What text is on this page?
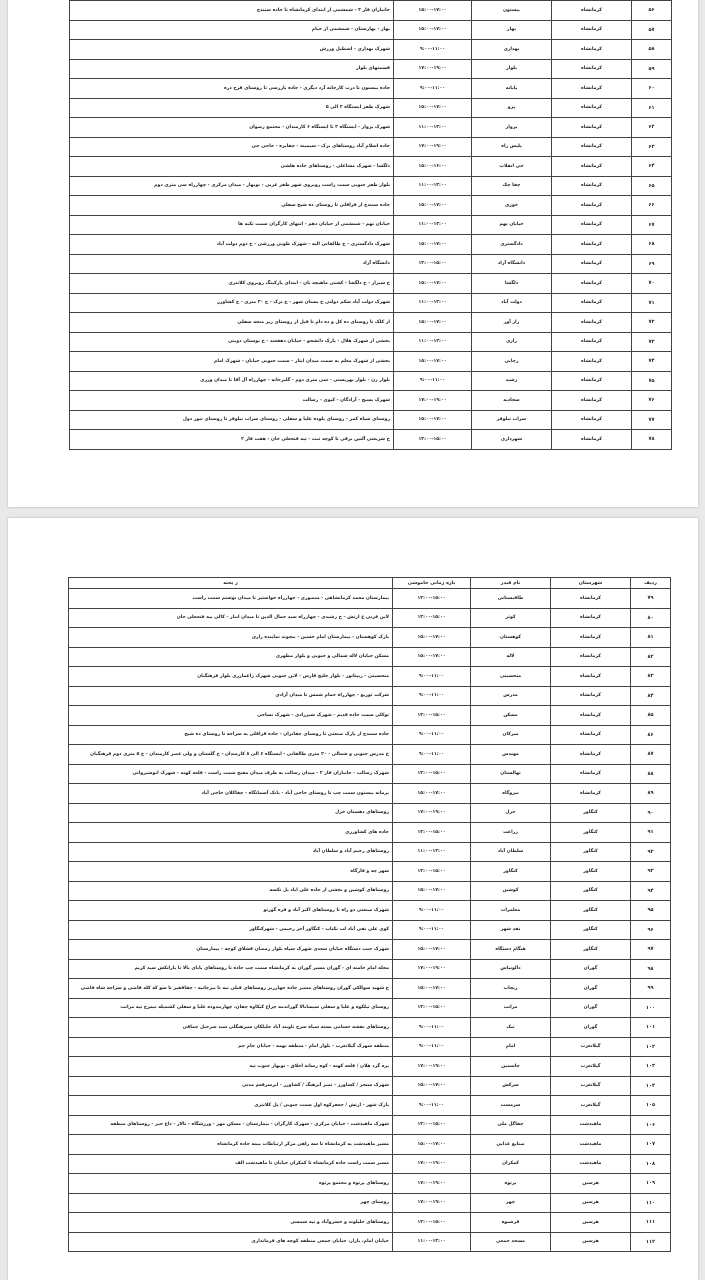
۵۶	کرمانشاه	بیستون	۱۵:۰۰-۱۷:۰۰	جانبازان فاز ۳ - شمشمی از ابتدای کرمانشاه تا جاده سنندج
۵۷	کرمانشاه	بهار	۱۵:۰۰-۱۷:۰۰	بهار - بهارستان - شمشمی از خیام
۵۸	کرمانشاه	بهداری	۹:۰۰-۱۱:۰۰	شهرک بهداری - اسطبل ورزش
۵۹	کرمانشاه	بلوار	۱۷:۰۰-۱۹:۰۰	قسمتهای بلوار
۶۰	کرمانشاه	پایانه	۹:۰۰-۱۱:۰۰	جاده بیستون تا درب کارخانه آرد دیگری - جاده بازرسی تا روستای فرح دره
۶۱	کرمانشاه	پرو	۱۵:۰۰-۱۷:۰۰	شهرک ظفر ایستگاه ۲ الی ۵
۶۲	کرمانشاه	پرواز	۱۱:۰۰-۱۳:۰۰	شهرک پرواز - ایستگاه ۲ تا ایستگاه ۶ کارمندان - مجتمع رضوان
۶۳	کرمانشاه	پلیس راه	۱۷:۰۰-۱۹:۰۰	جاده اسلام آباد روستاهای برک - سیمینه - چقاپره - حاجی جی
۶۴	کرمانشاه	جی انقلاب	۱۵:۰۰-۱۶:۰۰	دلگشا - شهرک مشاعلی - روستاهای جاده هلشی
۶۵	کرمانشاه	چقا چک	۱۱:۰۰-۱۳:۰۰	بلوار ظفر جنوبی سمت راست روبروی شهر ظفر غربی - نوبهار - میدان مرکزی - چهارراه سی متری دوم
۶۶	کرمانشاه	خوزی	۱۵:۰۰-۱۷:۰۰	جاده سنندج از قراقلی تا روستای ده شیخ سفلی
۶۷	کرمانشاه	خیابان نهم	۱۱:۰۰-۱۳:۰۰	خیابان نهم - شمشمی از خیابان دهم - انتهای کارگران سمت تکیه ها
۶۸	کرمانشاه	دادگستری	۱۵:۰۰-۱۷:۰۰	شهرک دادگستری - خ طالقانی الیه - شهرک طوبی ورزشی - خ دوم دولت آباد
۶۹	کرمانشاه	دانشگاه آزاد	۱۳:۰۰-۱۵:۰۰	دانشگاه آزاد
۷۰	کرمانشاه	دلگشا	۱۵:۰۰-۱۷:۰۰	خ شیراز - خ دلگشا - کشتی ماهیچه بان - ابتدای پارکینگ روبروی کلانتری
۷۱	کرمانشاه	دولت آباد	۱۱:۰۰-۱۳:۰۰	شهرک دولت آباد شکم دولتی خ بستان شهر - خ ترک - خ ۳۰ متری - خ کشاورز
۷۲	کرمانشاه	راز آور	۱۵:۰۰-۱۷:۰۰	از کلک تا روستای ده کل و ده دام تا قبل از روستای ریز منجه سفلی
۷۳	کرمانشاه	رازی	۱۱:۰۰-۱۳:۰۰	بخشی از شهرک هلال - پارک دانشجو - خیابان دهقعند - خ بوستان دوبنی
۷۴	کرمانشاه	رجایی	۱۵:۰۰-۱۷:۰۰	بخشی از شهرک معلم به سمت میدان ایثار - سمت جنوبی خیابان - شهرک امام
۷۵	کرمانشاه	رشید	۹:۰۰-۱۱:۰۰	بلوار زن - بلوار بهزیستی - سی متری دوم - گلبرجانه - چهارراه آل آقا تا میدان ورزی
۷۶	کرمانشاه	سجادیه	۱۷:۰۰-۱۹:۰۰	شهرک بسیج - آزادگان - کیوی - رسالت
۷۷	کرمانشاه	سراب نیلوفر	۱۵:۰۰-۱۷:۰۰	روستای سیاه کمر - روستای بلوده علیا و سفلی - روستای سراب نیلوفر تا روستای تنور دول
۷۸	کرمانشاه	شهرداری	۱۳:۰۰-۱۵:۰۰	خ شریعتی آلتین برقی تا کوچه ثبت - تپه فتحعلی خان - هفت فاز ۲
ردیف	شهرستان	نام فیدر	بازه زمانی خاموشی	ز پخته
۷۹	کرمانشاه	طاقبستانی	۱۳:۰۰-۱۵:۰۰	بیمارستان محمد کرمانشاهی - منصوری - چهارراه خواستیر تا میدان نوشتم سمت راست
۸۰	کرمانشاه	کوثر	۱۳:۰۰-۱۵:۰۰	لاین فرنی ع ارتش - خ رشیدی - چهارراه سید جمال الدین تا میدان انبار - کالی بیه فتحعلی خان
۸۱	کرمانشاه	کوهستان	۱۵:۰۰-۱۷:۰۰	پارک کوهستان - بیمارستان امام حسین - بنجوند نماینده رازی
۸۲	کرمانشاه	لاله	۱۵:۰۰-۱۷:۰۰	مسکن خیابان لاله شمالی و جنوبی و بلوار مطهری
۸۳	کرمانشاه	متحسینی	۹:۰۰-۱۱:۰۰	متحسینی - ریپتاتور - بلوار خلیج فارس - لاین جنوبی شهرک زاغمارزی بلوار فرهنگیان
۸۴	کرمانشاه	مدرس	۹:۰۰-۱۱:۰۰	شرکت توزیع - چهارراه حمام شمس تا میدان آزادی
۸۵	کرمانشاه	مسکن	۱۳:۰۰-۱۵:۰۰	توکلی سمت جاده قدیم - شهرک شیرزادی - شهرک نساجی
۸۶	کرمانشاه	میرکان	۹:۰۰-۱۱:۰۰	جاده سنندج از پارک صنعتی تا روستای چقانران - جاده قراقلی به سراجه تا روستای ده شیخ
۸۷	کرمانشاه	مهندس	۹:۰۰-۱۱:۰۰	خ مدرس جنوبی و شمالی - ۲۰ متری طالقانی - ایستگاه ۶ الی ۸ کارمندان - خ گلستان و ولی عصر کارمندان - خ ۵ متری دوم فرهنگیان
۸۸	کرمانشاه	نهالستان	۱۳:۰۰-۱۵:۰۰	شهرک رسالت - جانبازان فاز ۲ - میدان رسالت به طرف میدان مفتح سمت راست - قلعه کهنه - شهرک انوشیروانی
۸۹	کرمانشاه	نیروگاه	۱۵:۰۰-۱۷:۰۰	برمانه بیستون سمت چپ تا روستای حاجی آباد - بانک آسمانگاه - چقاکلان حاجی آباد
۹۰	کنگاور	خزل	۱۷:۰۰-۱۹:۰۰	روستاهای دهستان خزل
۹۱	کنگاور	زراعت	۱۳:۰۰-۱۵:۰۰	جاده های کشاورزی
۹۲	کنگاور	سلطان آباد	۱۱:۰۰-۱۳:۰۰	روستاهای رحیم آباد و سلطان آباد
۹۳	کنگاور	کنگاور	۱۳:۰۰-۱۵:۰۰	شهر چه و فارگاه
۹۴	کنگاور	کوشین	۱۵:۰۰-۱۷:۰۰	روستاهای کوشین و بخشی از جاده علی اباد بل نکسه
۹۵	کنگاور	معلمرات	۹:۰۰-۱۱:۰۰	شهرک صنعتی دو راه تا روستاهای اکبر آباد و فره گورتو
۹۶	کنگاور	نقد شهر	۹:۰۰-۱۱:۰۰	کوی علی نقی آباد لب نکناب - کنگاور آجر رحیمی - شهرکنگاور
۹۷	کنگاور	هنگام دستگاه	۱۵:۰۰-۱۷:۰۰	شهرک جنب دستگاه خیابان سعدی شهرک سپاه بلوار رمضان قشلاق کوچه - بیمارستان
۹۸	گوران	دالونیاس	۱۷:۰۰-۱۹:۰۰	محله امام خامنه ای - گوران مسیر گوران به کرمانشاه سمت چپ جاده تا روستاهای بابای بالا تا بارانکش سید کریم
۹۹	گوران	ریجاب	۱۵:۰۰-۱۷:۰۰	خ شهید سوالکی گوران روستاهای مسیر جاده چهارزبر روستاهای فیلی نیه تا بیرجاتیه - چقافقیر تا سو که کله فاضی و سراجه شاه فاضی
۱۰۰	گوران	مراتب	۱۳:۰۰-۱۵:۰۰	روستای تیلکوه و علیا و سفلی سیسابالا گوراندمه چراغ کیکاوه چقان، چهاربندوده علیا و سفلی کشمیله نیمرخ تپه مراتب
۱۰۱	گوران	نیک	۹:۰۰-۱۱:۰۰	روستاهای نقشه حسامی بسته سیاه سرخ ناوبند آباد جلیلکان سیرهنگلی سید سرخیل چماقی
۱۰۲	گیلانغرب	امام	۹:۰۰-۱۱:۰۰	منطقه شهرک گیلانغرب - بلوار امام - منطقه نهمه - خیابان جام جم
۱۰۳	گیلانغرب	جاسمین	۱۷:۰۰-۱۹:۰۰	پره گرد هلان / قلعه کهنه - کوه رسانه اخلاق - نوبهار جنوب تپه
۱۰۴	گیلانغرب	سرکش	۱۵:۰۰-۱۷:۰۰	شهرک سنجر / کشاورز - تمیز آبرهنگ / کشاورز - ابرسرقعم مدنی
۱۰۵	گیلانغرب	سرمست	۹:۰۰-۱۱:۰۰	پارک شهر - ارتش / جعفرکوه اول سمت جنوبی / پل کلانتری
۱۰۶	ماهیدشت	چقاگل ملی	۱۳:۰۰-۱۵:۰۰	شهرک ماهیدشت - خیابان مرکزی - شهرک کارگران - بیمارستان - مسکن مهر - ورزشگاه - تالار - داغ خبر - روستاهای منطقه
۱۰۷	ماهیدشت	صنایع غذایی	۱۵:۰۰-۱۷:۰۰	مسیر ماهیدشت به کرمانشاه تا سه راهی مرکز ارتباطات بیمه جاده کرمانشاه
۱۰۸	ماهیدشت	کمکران	۱۷:۰۰-۱۹:۰۰	مسیر سمت راست جاده کرمانشاه تا کمکران خیابان تا ماهیدشت الف
۱۰۹	هرسین	پرتوه	۱۷:۰۰-۱۹:۰۰	روستاهای پرتوه و مجتمع پرتوه
۱۱۰	هرسین	چهر	۱۷:۰۰-۱۹:۰۰	روستای چهر
۱۱۱	هرسین	فرشیوه	۱۳:۰۰-۱۵:۰۰	روستاهای خلیلوند و خسروآباد و تپه شمسی
۱۱۲	هرسین	مسجد جمعی	۱۱:۰۰-۱۳:۰۰	خیابان امام، بازار، خیابان جمعی منطقه کوچه های فرمانداری
